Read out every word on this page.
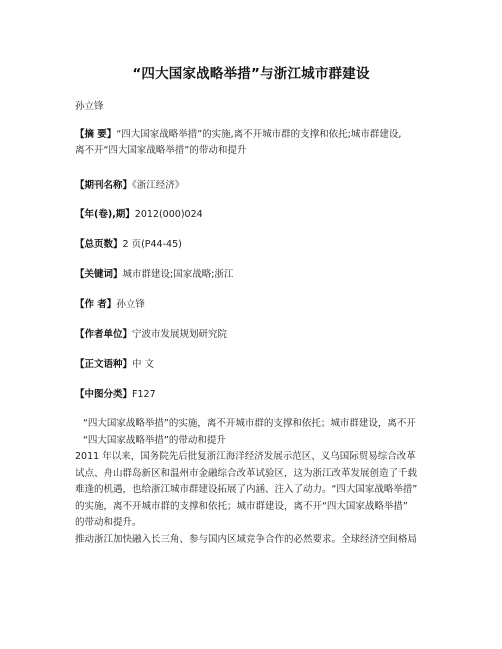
“四大国家战略举措”与浙江城市群建设
孙立锋
【摘 要】“四大国家战略举措”的实施,离不开城市群的支撑和依托;城市群建设,
离不开“四大国家战略举措”的带动和提升
【期刊名称】《浙江经济》
【年(卷),期】2012(000)024
【总页数】2 页(P44-45)
【关键词】城市群建设;国家战略;浙江
【作 者】孙立锋
【作者单位】宁波市发展规划研究院
【正文语种】中 文
【中图分类】F127

“四大国家战略举措”的实施，离不开城市群的支撑和依托；城市群建设，离不开

“四大国家战略举措”的带动和提升

2011 年以来，国务院先后批复浙江海洋经济发展示范区、义乌国际贸易综合改革

试点、舟山群岛新区和温州市金融综合改革试验区，这为浙江改革发展创造了千载

难逢的机遇，也给浙江城市群建设拓展了内涵、注入了动力。“四大国家战略举措”

的实施，离不开城市群的支撑和依托；城市群建设，离不开“四大国家战略举措”

的带动和提升。

推动浙江加快融入长三角、参与国内区域竞争合作的必然要求。全球经济空间格局
